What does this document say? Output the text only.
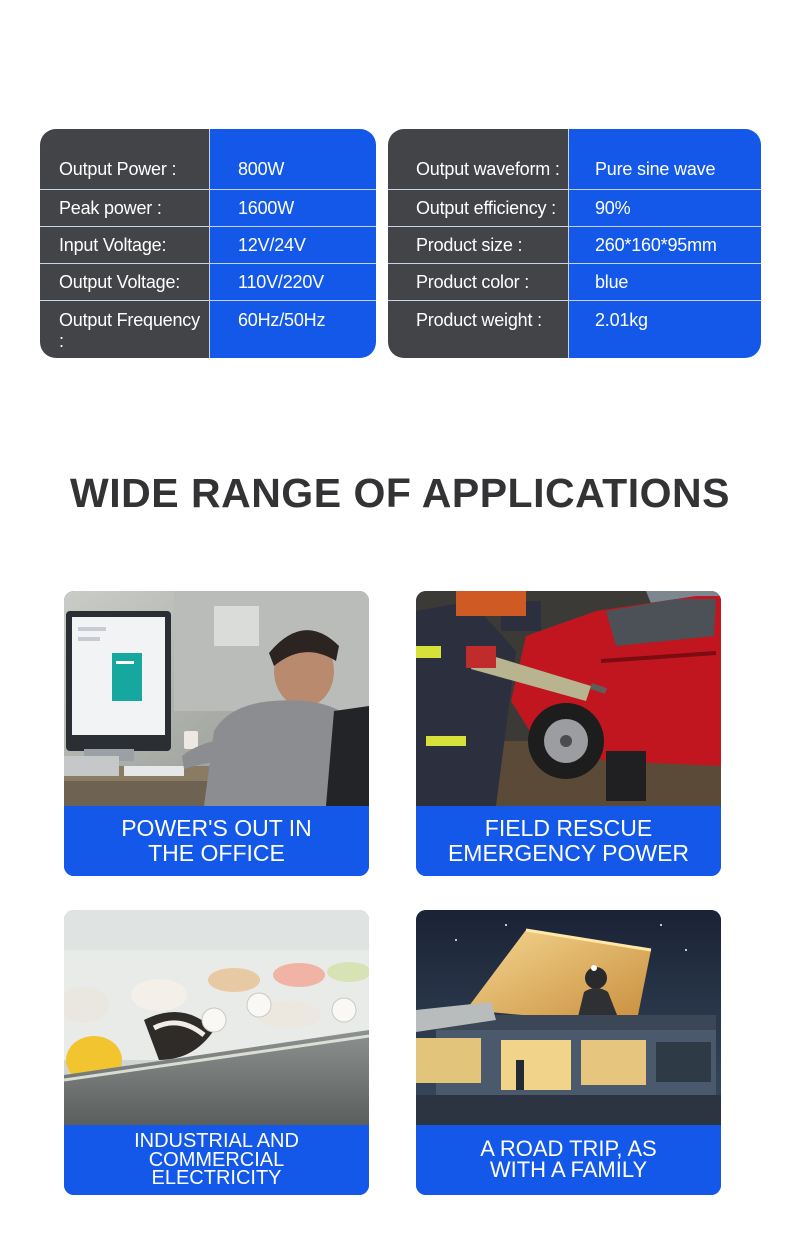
Output Power :
Peak power :
Input Voltage:
Output Voltage:
Output Frequency :
800W
1600W
12V/24V
110V/220V
60Hz/50Hz
Output waveform :
Output efficiency :
Product size :
Product color :
Product weight :
Pure sine wave
90%
260*160*95mm
blue
2.01kg
WIDE RANGE OF APPLICATIONS
POWER'S OUT IN
THE OFFICE
FIELD RESCUE
EMERGENCY POWER
INDUSTRIAL AND COMMERCIAL
ELECTRICITY
A ROAD TRIP, AS
WITH A FAMILY
